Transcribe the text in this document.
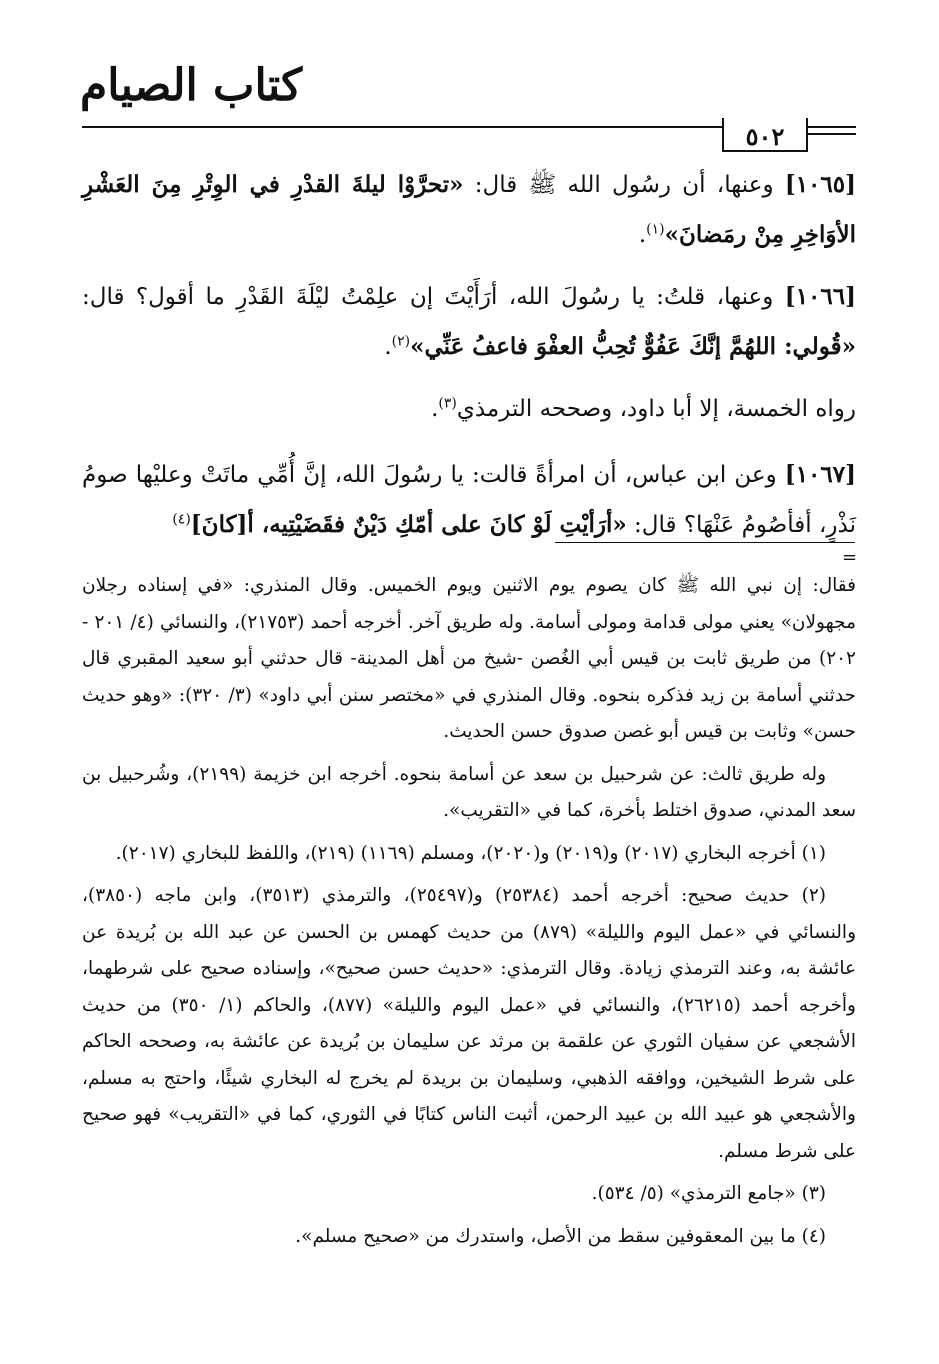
كتاب الصيام
٥٠٢

[١٠٦٥] وعنها، أن رسُول الله ﷺ قال: «تحرَّوْا ليلةَ القدْرِ في الوِتْرِ مِنَ العَشْرِ الأوَاخِرِ مِنْ رمَضانَ»$^{(١)}$.

[١٠٦٦] وعنها، قلتُ: يا رسُولَ الله، أرَأَيْتَ إن علِمْتُ ليْلَةَ القَدْرِ ما أقول؟ قال: «قُولي: اللهُمَّ إنَّكَ عَفُوٌّ تُحِبُّ العفْوَ فاعفُ عَنِّي»$^{(٢)}$.

رواه الخمسة، إلا أبا داود، وصححه الترمذي$^{(٣)}$.

[١٠٦٧] وعن ابن عباس، أن امرأةً قالت: يا رسُولَ الله، إنَّ أُمِّي ماتَتْ وعليْها صومُ نَذْرٍ، أفأصُومُ عَنْهَا؟ قال: «أرَأيْتِ لَوْ كانَ على أمّكِ دَيْنٌ فقَضَيْتِيه، أ[كانَ]$^{(٤)}$

=

فقال: إن نبي الله ﷺ كان يصوم يوم الاثنين ويوم الخميس. وقال المنذري: «في إسناده رجلان مجهولان» يعني مولى قدامة ومولى أسامة. وله طريق آخر. أخرجه أحمد (٢١٧٥٣)، والنسائي (٤/ ٢٠١ - ٢٠٢) من طريق ثابت بن قيس أبي الغُصن -شيخ من أهل المدينة- قال حدثني أبو سعيد المقبري قال حدثني أسامة بن زيد فذكره بنحوه. وقال المنذري في «مختصر سنن أبي داود» (٣/ ٣٢٠): «وهو حديث حسن» وثابت بن قيس أبو غصن صدوق حسن الحديث.

وله طريق ثالث: عن شرحبيل بن سعد عن أسامة بنحوه. أخرجه ابن خزيمة (٢١٩٩)، وشُرحبيل بن سعد المدني، صدوق اختلط بأخرة، كما في «التقريب».

(١) أخرجه البخاري (٢٠١٧) و(٢٠١٩) و(٢٠٢٠)، ومسلم (١١٦٩) (٢١٩)، واللفظ للبخاري (٢٠١٧).

(٢) حديث صحيح: أخرجه أحمد (٢٥٣٨٤) و(٢٥٤٩٧)، والترمذي (٣٥١٣)، وابن ماجه (٣٨٥٠)، والنسائي في «عمل اليوم والليلة» (٨٧٩) من حديث كهمس بن الحسن عن عبد الله بن بُريدة عن عائشة به، وعند الترمذي زيادة. وقال الترمذي: «حديث حسن صحيح»، وإسناده صحيح على شرطهما، وأخرجه أحمد (٢٦٢١٥)، والنسائي في «عمل اليوم والليلة» (٨٧٧)، والحاكم (١/ ٣٥٠) من حديث الأشجعي عن سفيان الثوري عن علقمة بن مرثد عن سليمان بن بُريدة عن عائشة به، وصححه الحاكم على شرط الشيخين، ووافقه الذهبي، وسليمان بن بريدة لم يخرج له البخاري شيئًا، واحتج به مسلم، والأشجعي هو عبيد الله بن عبيد الرحمن، أثبت الناس كتابًا في الثوري، كما في «التقريب» فهو صحيح على شرط مسلم.

(٣) «جامع الترمذي» (٥/ ٥٣٤).

(٤) ما بين المعقوفين سقط من الأصل، واستدرك من «صحيح مسلم».
